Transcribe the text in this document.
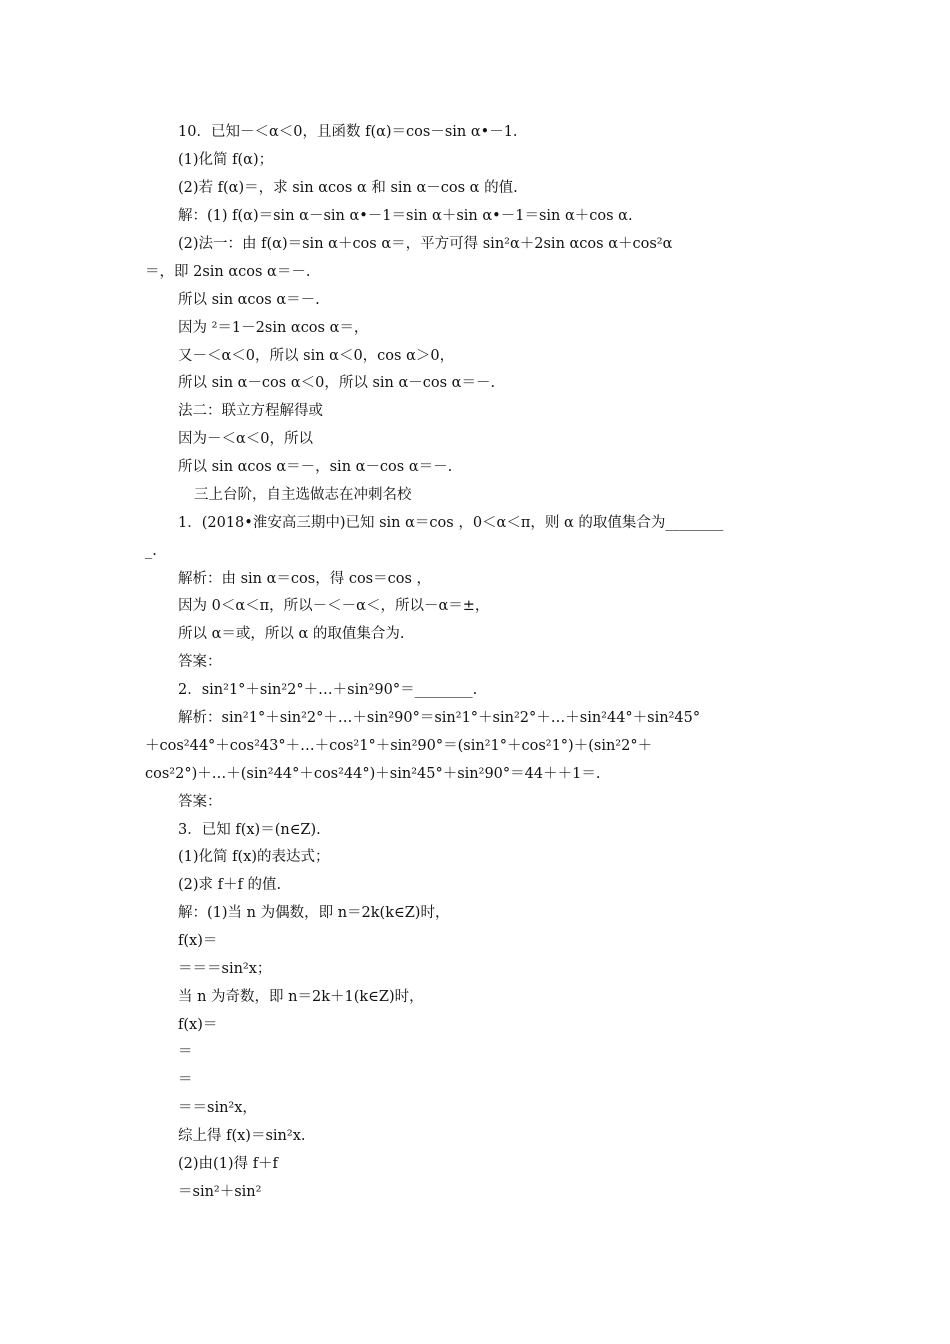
10．已知－＜α＜0，且函数 f(α)＝cos－sin α•－1.
(1)化简 f(α)；
(2)若 f(α)＝，求 sin αcos α 和 sin α－cos α 的值.
解：(1) f(α)＝sin α－sin α•－1＝sin α＋sin α•－1＝sin α＋cos α.
(2)法一：由 f(α)＝sin α＋cos α＝，平方可得 sin²α＋2sin αcos α＋cos²α
＝，即 2sin αcos α＝－.
所以 sin αcos α＝－.
因为 ²＝1－2sin αcos α＝，
又－＜α＜0，所以 sin α＜0，cos α＞0，
所以 sin α－cos α＜0，所以 sin α－cos α＝－.
法二：联立方程解得或
因为－＜α＜0，所以
所以 sin αcos α＝－，sin α－cos α＝－.
三上台阶，自主选做志在冲刺名校
1．(2018•淮安高三期中)已知 sin α＝cos ，0＜α＜π，则 α 的取值集合为________
_.
解析：由 sin α＝cos，得 cos＝cos ，
因为 0＜α＜π，所以－＜－α＜，所以－α＝±，
所以 α＝或，所以 α 的取值集合为.
答案：
2．sin²1°＋sin²2°＋…＋sin²90°＝________.
解析：sin²1°＋sin²2°＋…＋sin²90°＝sin²1°＋sin²2°＋…＋sin²44°＋sin²45°
＋cos²44°＋cos²43°＋…＋cos²1°＋sin²90°＝(sin²1°＋cos²1°)＋(sin²2°＋
cos²2°)＋…＋(sin²44°＋cos²44°)＋sin²45°＋sin²90°＝44＋＋1＝.
答案：
3．已知 f(x)＝(n∈Z).
(1)化简 f(x)的表达式；
(2)求 f＋f 的值.
解：(1)当 n 为偶数，即 n＝2k(k∈Z)时，
f(x)＝
＝＝＝sin²x；
当 n 为奇数，即 n＝2k＋1(k∈Z)时，
f(x)＝
＝
＝
＝＝sin²x，
综上得 f(x)＝sin²x.
(2)由(1)得 f＋f
＝sin²＋sin²
